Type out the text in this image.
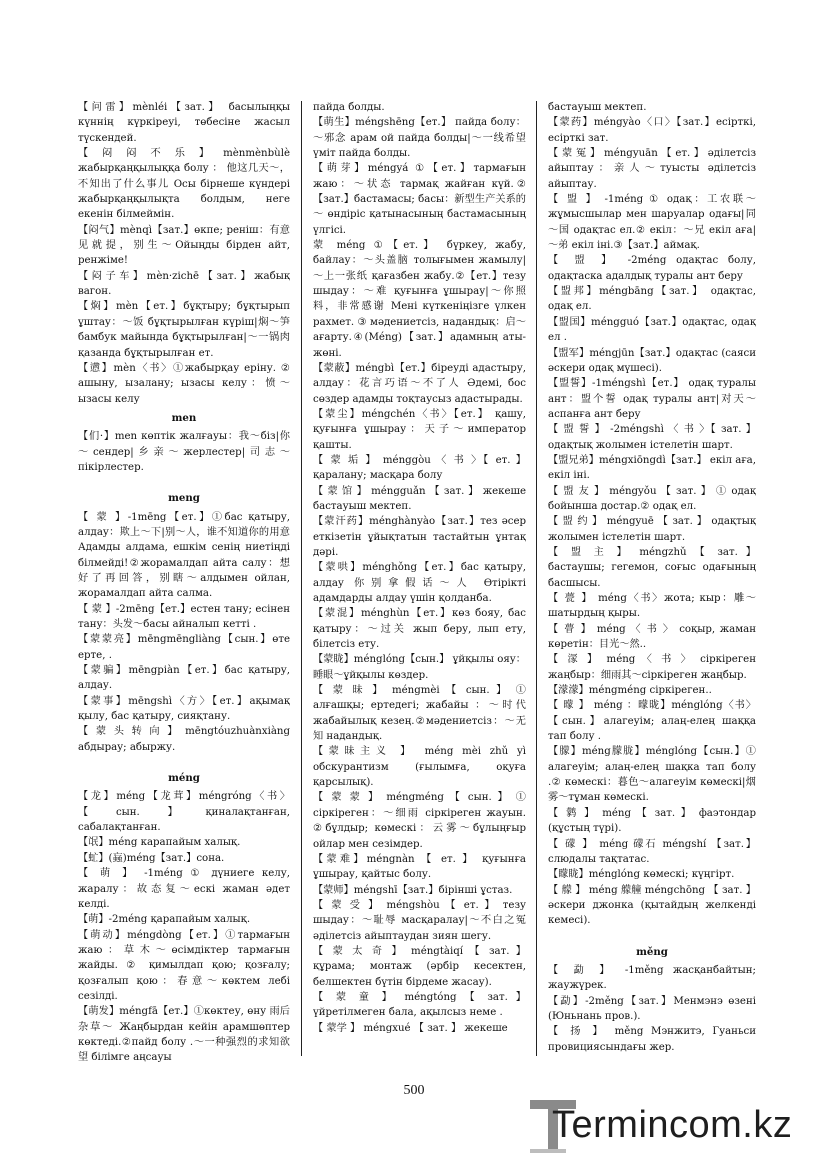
【问雷】mènléi【зат.】 басылыңқы күннің күркіреуі, төбесіне жасыл түскендей.
【 闷 闷 不 乐 】 mènmènbùlè жабырқаңқылыққа болу ： 他这几天～，不知出了什么事儿 Осы бірнеше күндері жабырқаңқылықта болдым, неге екенін білмеймін.
【闷气】mènqì【зат.】өкпе; реніш：有意见就提，别生～Ойыңды бірден айт, ренжіме!
【闷子车】mèn·zichē【зат.】жабық вагон.
【焖】mèn【ет.】бұқтыру; бұқтырып ұштау：～饭 бұқтырылған күріш|焖～笋 бамбук майында бұқтырылған|～一锅肉 қазанда бұқтырылған ет.
【懑】mèn〈书〉①жабырқау еріну. ② ашыну, ызалану; ызасы келу：愤～ ызасы келу
men
【们·】men көптік жалғауы：我～біз|你～сендер|乡亲～жерлестер|司志～пікірлестер.
meng
【 蒙 】-1mēng【ет.】①бас қатыру, алдау：欺上～下|别～人，谁不知道你的用意 Адамды алдама, ешкім сенің ниетіңді білмейді!②жорамалдап айта салу：想好了再回答，别瞎～алдымен ойлан, жорамалдап айта салма.
【 蒙 】-2mēng【ет.】естен тану; есінен тану：头发～басы айналып кетті .
【蒙蒙亮】mēngmēngliàng【сын.】өте ерте, .
【蒙骗】mēngpiàn【ет.】бас қатыру, алдау.
【蒙事】mēngshì〈方〉【ет.】ақымақ қылу, бас қатыру, сияқтану.
【 蒙 头 转 向 】 mēngtóuzhuànxiàng абдырау; абыржу.
méng
【龙】méng【龙茸】méngróng〈书〉【сын.】қиналақтанған, сабалақтанған.
【氓】méng карапайым халық.
【虻】(蝱)méng【зат.】сона.
【 萌 】 -1méng ① дүниеге келу, жаралу：故态复～ескі жаман әдет келді.
【萌】-2méng қарапайым халық.
【萌动】méngdòng【ет.】①тармағын жаю：草木～өсімдіктер тармағын жайды. ② қимылдап қою; қозғалу; қозғалып қою：春意～көктем лебі сезілді.
【萌发】méngfā【ет.】①көктеу, өну 雨后杂草～ Жаңбырдан кейін арамшөптер көктеді.②пайд болу .～一种强烈的求知欲望 білімге аңсауы
пайда болды.
【萌生】méngshēng【ет.】 пайда болу：～邪念 арам ой пайда болды|～一线希望 үміт пайда болды.
【萌芽】méngyá ①【ет.】тармағын жаю：～状态 тармақ жайған күй.②【зат.】бастамасы; басы：新型生产关系的～ өндіріс қатынасының бастамасының үлгісі.
蒙 méng ①【ет.】 бүркеу, жабу, байлау：～头盖脑 толығымен жамылу|～上一张纸 қағазбен жабу.②【ет.】тезу шыдау：～难 қуғынға ұшырау|～你照料，非常感谢 Мені күткеніңізге үлкен рахмет. ③ мәдениетсіз, надандық：启～ағарту.④(Méng)【зат.】адамның аты-жөні.
【蒙蔽】méngbì【ет.】біреуді адастыру, алдау：花言巧语～不了人 Әдемі, бос сөздер адамды тоқтаусыз адастырады.
【蒙尘】méngchén〈书〉【ет.】 қашу, қуғынға ұшырау：天子～император қашты.
【 蒙 垢 】 ménggòu 〈 书 〉【 ет. 】 қаралану; масқара болу
【 蒙 馆 】 méngguǎn 【 зат. 】 жекеше бастауыш мектеп.
【蒙汗药】ménghànyào【зат.】тез әсер еткізетін ұйықтатын тастайтын ұнтақ дәрі.
【蒙哄】ménghǒng【ет.】бас қатыру, алдау 你别拿假话～人 Өтірікті адамдарды алдау үшін қолданба.
【蒙混】ménghùn【ет.】көз бояу, бас қатыру：～过关 жып беру, лып ету, білетсіз ету.
【蒙眬】ménglóng【сын.】 ұйқылы ояу：睡眼～ұйқылы көздер.
【 蒙 昧 】 méngmèi 【 сын. 】 ① алғашқы; ертедегі; жабайы ：～时代 жабайылық кезең.②мәдениетсіз：～无知 надандық.
【蒙昧主义 】 méng mèi zhǔ yì обскурантизм (ғылымға, оқуға қарсылық).
【 蒙 蒙 】 méngméng 【 сын. 】 ① сіркіреген：～细雨 сіркіреген жауын. ②бұлдыр; көмескі：云雾～бұлыңғыр ойлар мен сезімдер.
【蒙难】méngnàn 【 ет. 】 қуғынға ұшырау, қайтыс болу.
【蒙师】méngshī【зат.】бірінші ұстаз.
【 蒙 受 】 méngshòu 【 ет. 】 тезу шыдау：～耻辱 масқаралау|～不白之冤 әділетсіз айыптаудан зиян шегу.
【 蒙 太 奇 】 méngtàiqí 【 зат. 】 құрама; монтаж (әрбір кесектен, белшектен бүтін бірдеме жасау).
【 蒙 童 】 méngtóng 【 зат. 】 үйретілмеген бала, ақылсыз неме .
【 蒙学 】 méngxué 【 зат. 】 жекеше
бастауыш мектеп.
【蒙药】méngyào〈口〉【зат.】есірткі, есірткі зат.
【 蒙 冤 】 méngyuān 【 ет. 】 әділетсіз айыптау：亲人～туысты әділетсіз айыптау.
【 盟 】 -1méng ① одақ：工农联～жұмысшылар мен шаруалар одағы|同～国 одақтас ел.② екіл：～兄 екіл аға|～弟 екіл іні.③【зат.】аймақ.
【 盟 】 -2méng одақтас болу, одақтаска адалдық туралы ант беру
【盟邦】méngbāng【зат.】 одақтас, одақ ел.
【盟国】méngguó【зат.】одақтас, одақ ел .
【盟军】méngjūn【зат.】одақтас (саяси әскери одақ мүшесі).
【盟誓】-1méngshì【ет.】 одақ туралы ант：盟个誓 одақ туралы ант|对天～ аспанға ант беру
【 盟 誓 】 -2méngshì 〈 书 〉【 зат. 】 одақтық жолымен істелетін шарт.
【盟兄弟】méngxiōngdì【зат.】 екіл аға, екіл іні.
【 盟 友 】 méngyǒu 【 зат. 】 ① одақ бойынша достар.② одақ ел.
【 盟 约 】 méngyuē 【 зат. 】 одақтық жолымен істелетін шарт.
【 盟 主 】 méngzhǔ 【 зат. 】 бастаушы; гегемон, соғыс одағының басшысы.
【 甍 】 méng〈书〉жота; кыр：雕～ шатырдың қыры.
【 瞢 】 méng 〈 书 〉 соқыр, жаман көретін：目光～然..
【 溕 】 méng 〈 书 〉 сіркіреген жаңбыр：细雨其～сіркіреген жаңбыр.
【濛濛】méngméng сіркіреген..
【 曚 】 méng ：曚昽】ménglóng〈书〉【сын.】алагеуім; алаң-елең шаққа тап болу .
【朦】méng朦胧】ménglóng【сын.】① алагеуім; алаң-елең шақка тап болу .② көмескі：暮色～алагеуім көмескі|烟雾～тұман көмескі.
【 鹲 】 méng 【 зат. 】 фаэтондар (құстың түрі).
【 礞 】 méng 礞石 méngshí 【зат.】 слюдалы тақтатас.
【矇眬】ménglóng көмескі; күңгірт.
【 艨 】 méng 艨艟 méngchōng 【 зат. 】 әскери джонка (қытайдың желкенді кемесі).
měng
【 勐 】 -1měng жасқанбайтын; жаужүрек.
【勐】-2měng【зат.】Менмэнэ өзені (Юньнань пров.).
【 扬 】 měng Мэнжитэ, Гуаньси провициясындағы жер.
500
Termincom.kz
